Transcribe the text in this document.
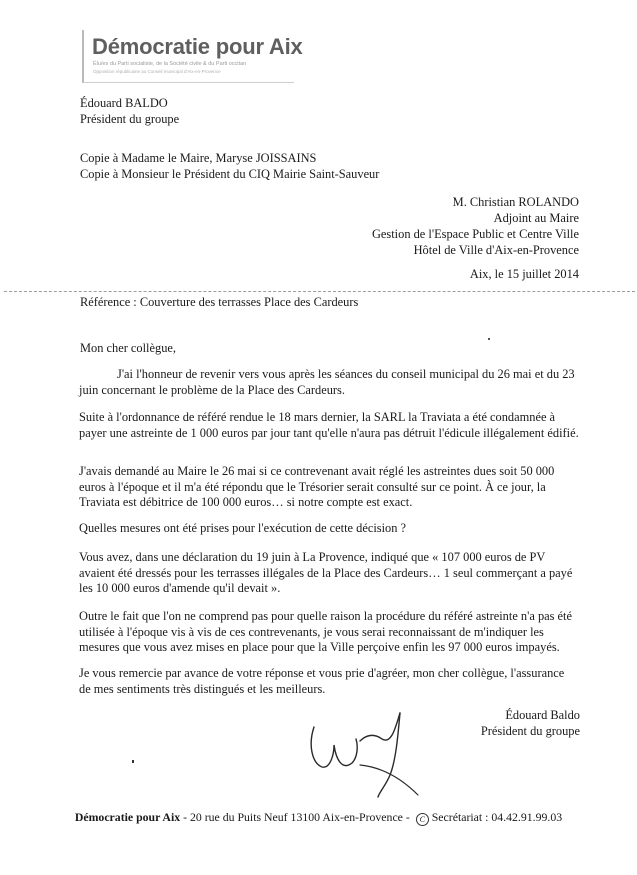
Démocratie pour Aix
Élu/es du Parti socialiste, de la Société civile & du Parti occitan
Opposition républicaine au Conseil municipal d'Aix-en-Provence
Édouard BALDO
Président du groupe
Copie à Madame le Maire, Maryse JOISSAINS
Copie à Monsieur le Président du CIQ Mairie Saint-Sauveur
M. Christian ROLANDO
Adjoint au Maire
Gestion de l'Espace Public et Centre Ville
Hôtel de Ville d'Aix-en-Provence
Aix, le 15 juillet 2014
Référence : Couverture des terrasses Place des Cardeurs
Mon cher collègue,

J'ai l'honneur de revenir vers vous après les séances du conseil municipal du 26 mai et du 23 juin concernant le problème de la Place des Cardeurs.

Suite à l'ordonnance de référé rendue le 18 mars dernier, la SARL la Traviata a été condamnée à payer une astreinte de 1 000 euros par jour tant qu'elle n'aura pas détruit l'édicule illégalement édifié.

J'avais demandé au Maire le 26 mai si ce contrevenant avait réglé les astreintes dues soit 50 000 euros à l'époque et il m'a été répondu que le Trésorier serait consulté sur ce point. À ce jour, la Traviata est débitrice de 100 000 euros… si notre compte est exact.

Quelles mesures ont été prises pour l'exécution de cette décision ?

Vous avez, dans une déclaration du 19 juin à La Provence, indiqué que « 107 000 euros de PV avaient été dressés pour les terrasses illégales de la Place des Cardeurs… 1 seul commerçant a payé les 10 000 euros d'amende qu'il devait ».

Outre le fait que l'on ne comprend pas pour quelle raison la procédure du référé astreinte n'a pas été utilisée à l'époque vis à vis de ces contrevenants, je vous serai reconnaissant de m'indiquer les mesures que vous avez mises en place pour que la Ville perçoive enfin les 97 000 euros impayés.

Je vous remercie par avance de votre réponse et vous prie d'agréer, mon cher collègue, l'assurance de mes sentiments très distingués et les meilleurs.

Édouard Baldo
Président du groupe
Démocratie pour Aix - 20 rue du Puits Neuf 13100 Aix-en-Provence - C Secrétariat : 04.42.91.99.03
